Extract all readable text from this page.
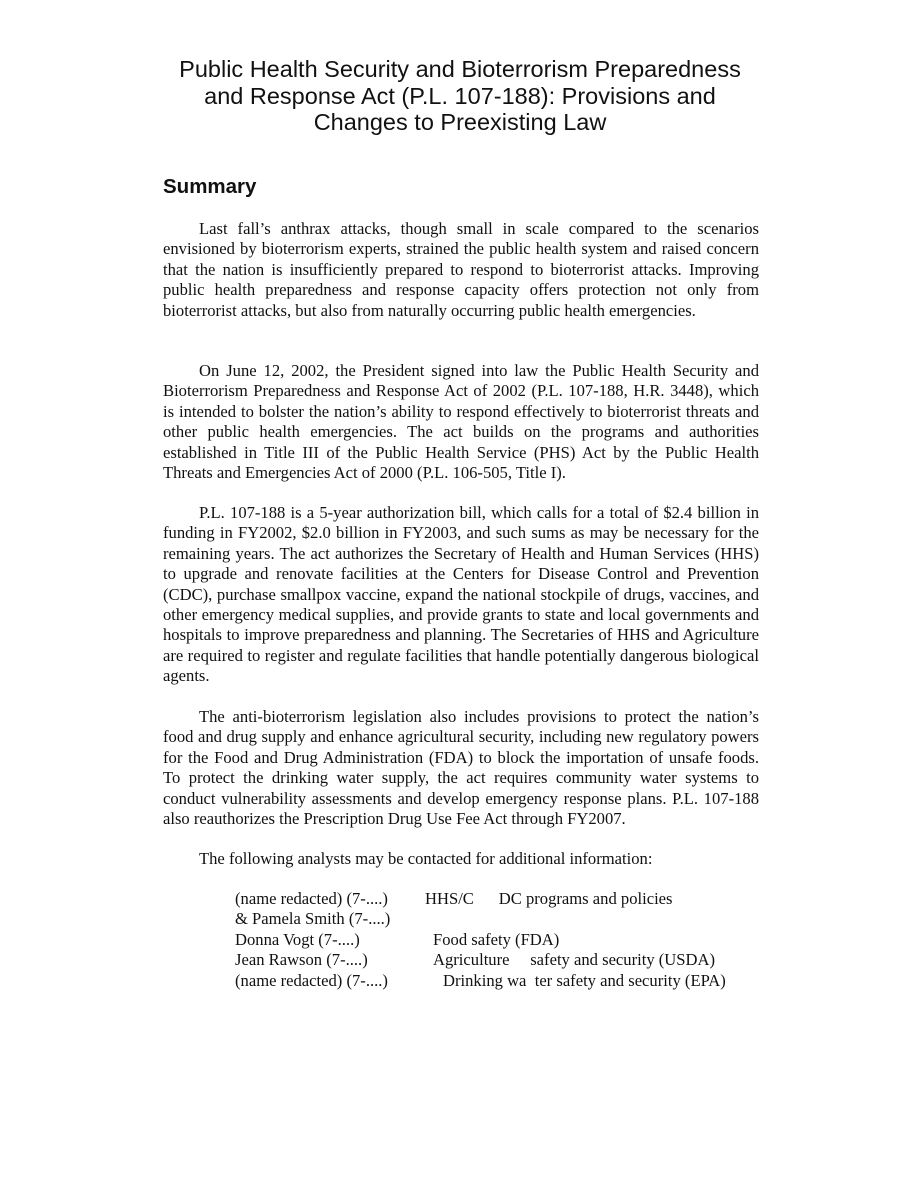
Public Health Security and Bioterrorism Preparedness
and Response Act (P.L. 107-188): Provisions and
Changes to Preexisting Law
Summary

Last fall’s anthrax attacks, though small in scale compared to the scenarios envisioned by bioterrorism experts, strained the public health system and raised concern that the nation is insufficiently prepared to respond to bioterrorist attacks. Improving public health preparedness and response capacity offers protection not only from bioterrorist attacks, but also from naturally occurring public health emergencies.

On June 12, 2002, the President signed into law the Public Health Security and Bioterrorism Preparedness and Response Act of 2002 (P.L. 107-188, H.R. 3448), which is intended to bolster the nation’s ability to respond effectively to bioterrorist threats and other public health emergencies. The act builds on the programs and authorities established in Title III of the Public Health Service (PHS) Act by the Public Health Threats and Emergencies Act of 2000 (P.L. 106-505, Title I).

P.L. 107-188 is a 5-year authorization bill, which calls for a total of $2.4 billion in funding in FY2002, $2.0 billion in FY2003, and such sums as may be necessary for the remaining years. The act authorizes the Secretary of Health and Human Services (HHS) to upgrade and renovate facilities at the Centers for Disease Control and Prevention (CDC), purchase smallpox vaccine, expand the national stockpile of drugs, vaccines, and other emergency medical supplies, and provide grants to state and local governments and hospitals to improve preparedness and planning. The Secretaries of HHS and Agriculture are required to register and regulate facilities that handle potentially dangerous biological agents.

The anti-bioterrorism legislation also includes provisions to protect the nation’s food and drug supply and enhance agricultural security, including new regulatory powers for the Food and Drug Administration (FDA) to block the importation of unsafe foods. To protect the drinking water supply, the act requires community water systems to conduct vulnerability assessments and develop emergency response plans. P.L. 107-188 also reauthorizes the Prescription Drug Use Fee Act through FY2007.

The following analysts may be contacted for additional information:

(name redacted) (7-....) HHS/C      DC programs and policies
& Pamela Smith (7-....)
Donna Vogt (7-....)	Food safety (FDA)
Jean Rawson (7-....)	Agriculture     safety and security (USDA)
(name redacted) (7-....)	Drinking wa  ter safety and security (EPA)
